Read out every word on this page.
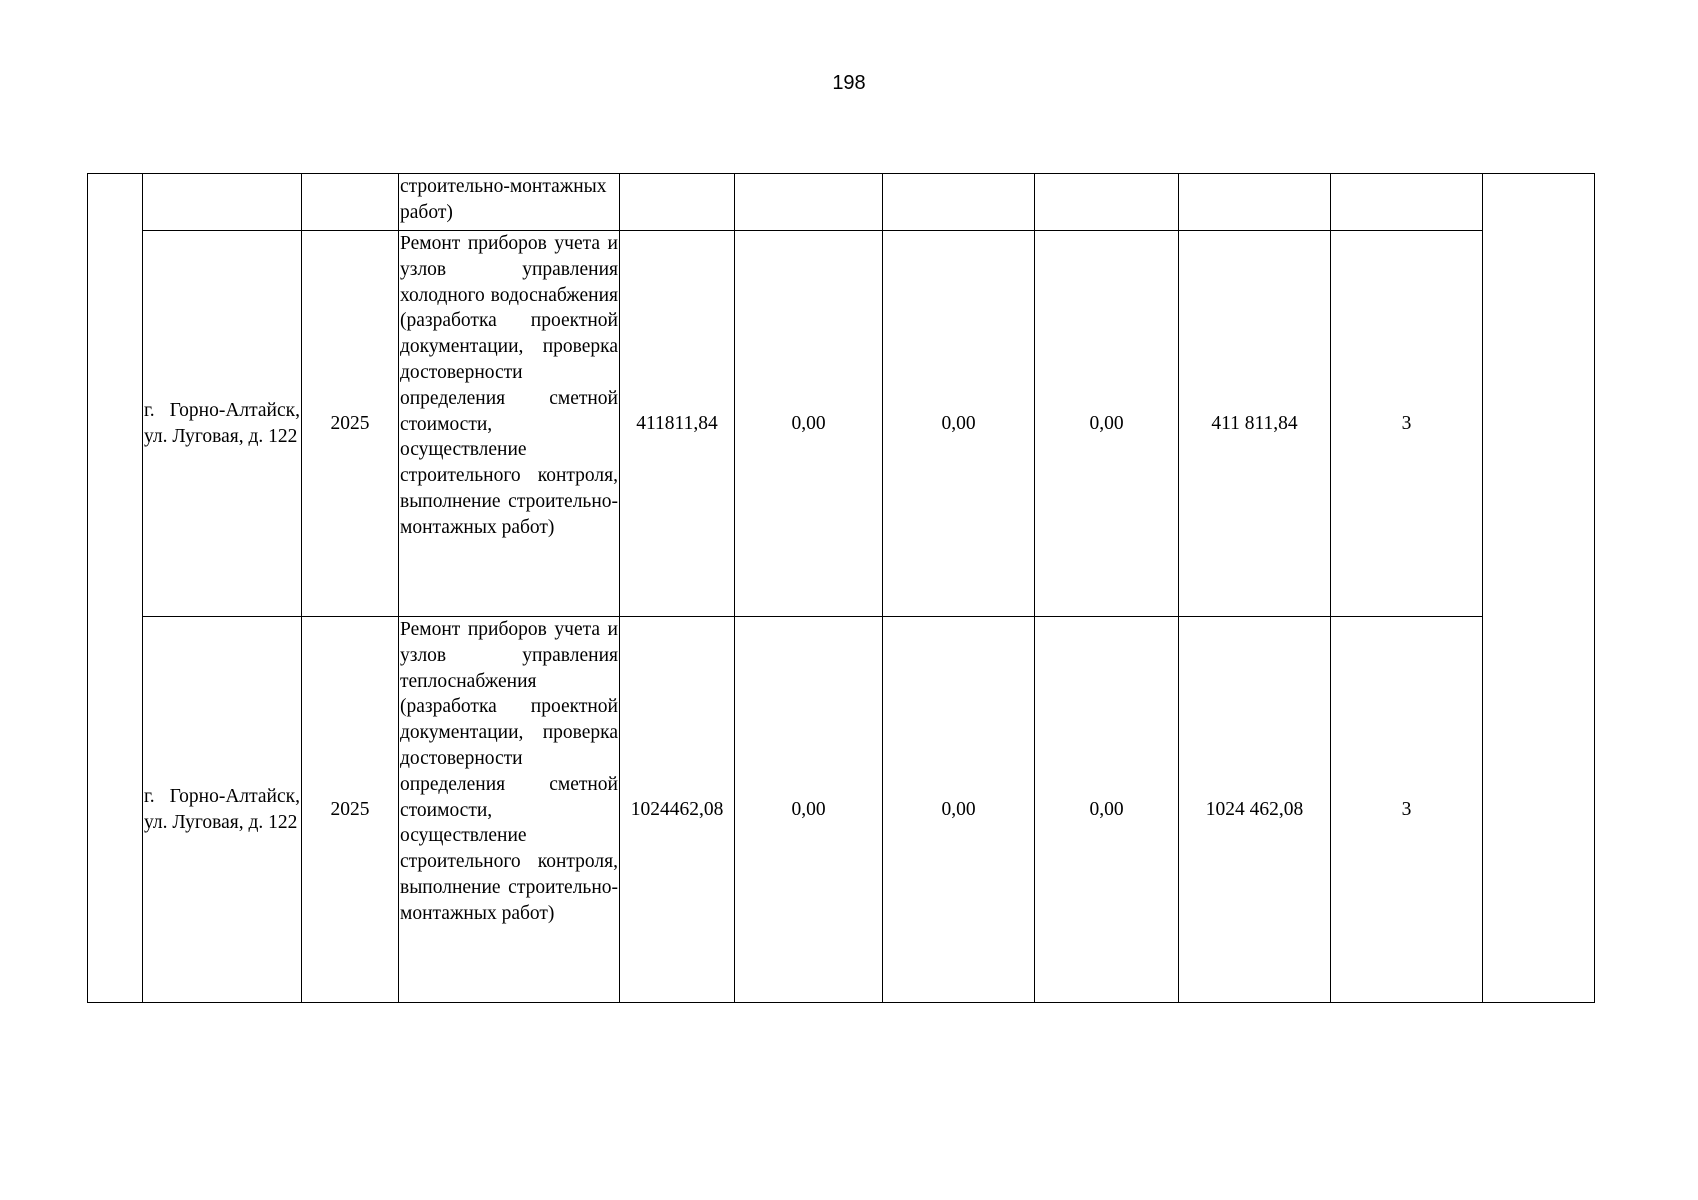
198
			строительно-монтажных работ)							
	г. Горно-Алтайск, ул. Луговая, д. 122	2025	Ремонт приборов учета и узлов управления холодного водоснабжения (разработка проектной документации, проверка достоверности определения сметной стоимости, осуществление строительного контроля, выполнение строительно-монтажных работ)	411811,84	0,00	0,00	0,00	411 811,84	3	
	г. Горно-Алтайск, ул. Луговая, д. 122	2025	Ремонт приборов учета и узлов управления теплоснабжения (разработка проектной документации, проверка достоверности определения сметной стоимости, осуществление строительного контроля, выполнение строительно-монтажных работ)	1024462,08	0,00	0,00	0,00	1024 462,08	3	
